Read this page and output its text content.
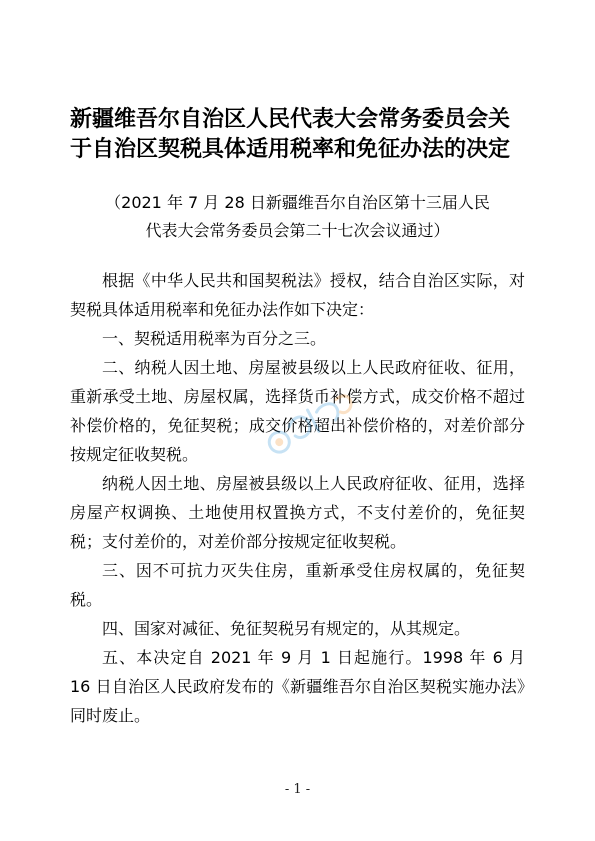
新疆维吾尔自治区人民代表大会常务委员会关
于自治区契税具体适用税率和免征办法的决定
（2021 年 7 月 28 日新疆维吾尔自治区第十三届人民
代表大会常务委员会第二十七次会议通过）

根据《中华人民共和国契税法》授权，结合自治区实际，对契税具体适用税率和免征办法作如下决定：

一、契税适用税率为百分之三。

二、纳税人因土地、房屋被县级以上人民政府征收、征用，重新承受土地、房屋权属，选择货币补偿方式，成交价格不超过补偿价格的，免征契税；成交价格超出补偿价格的，对差价部分按规定征收契税。

纳税人因土地、房屋被县级以上人民政府征收、征用，选择房屋产权调换、土地使用权置换方式，不支付差价的，免征契税；支付差价的，对差价部分按规定征收契税。

三、因不可抗力灭失住房，重新承受住房权属的，免征契税。

四、国家对减征、免征契税另有规定的，从其规定。

五、本决定自 2021 年 9 月 1 日起施行。1998 年 6 月 16 日自治区人民政府发布的《新疆维吾尔自治区契税实施办法》同时废止。

- 1 -
